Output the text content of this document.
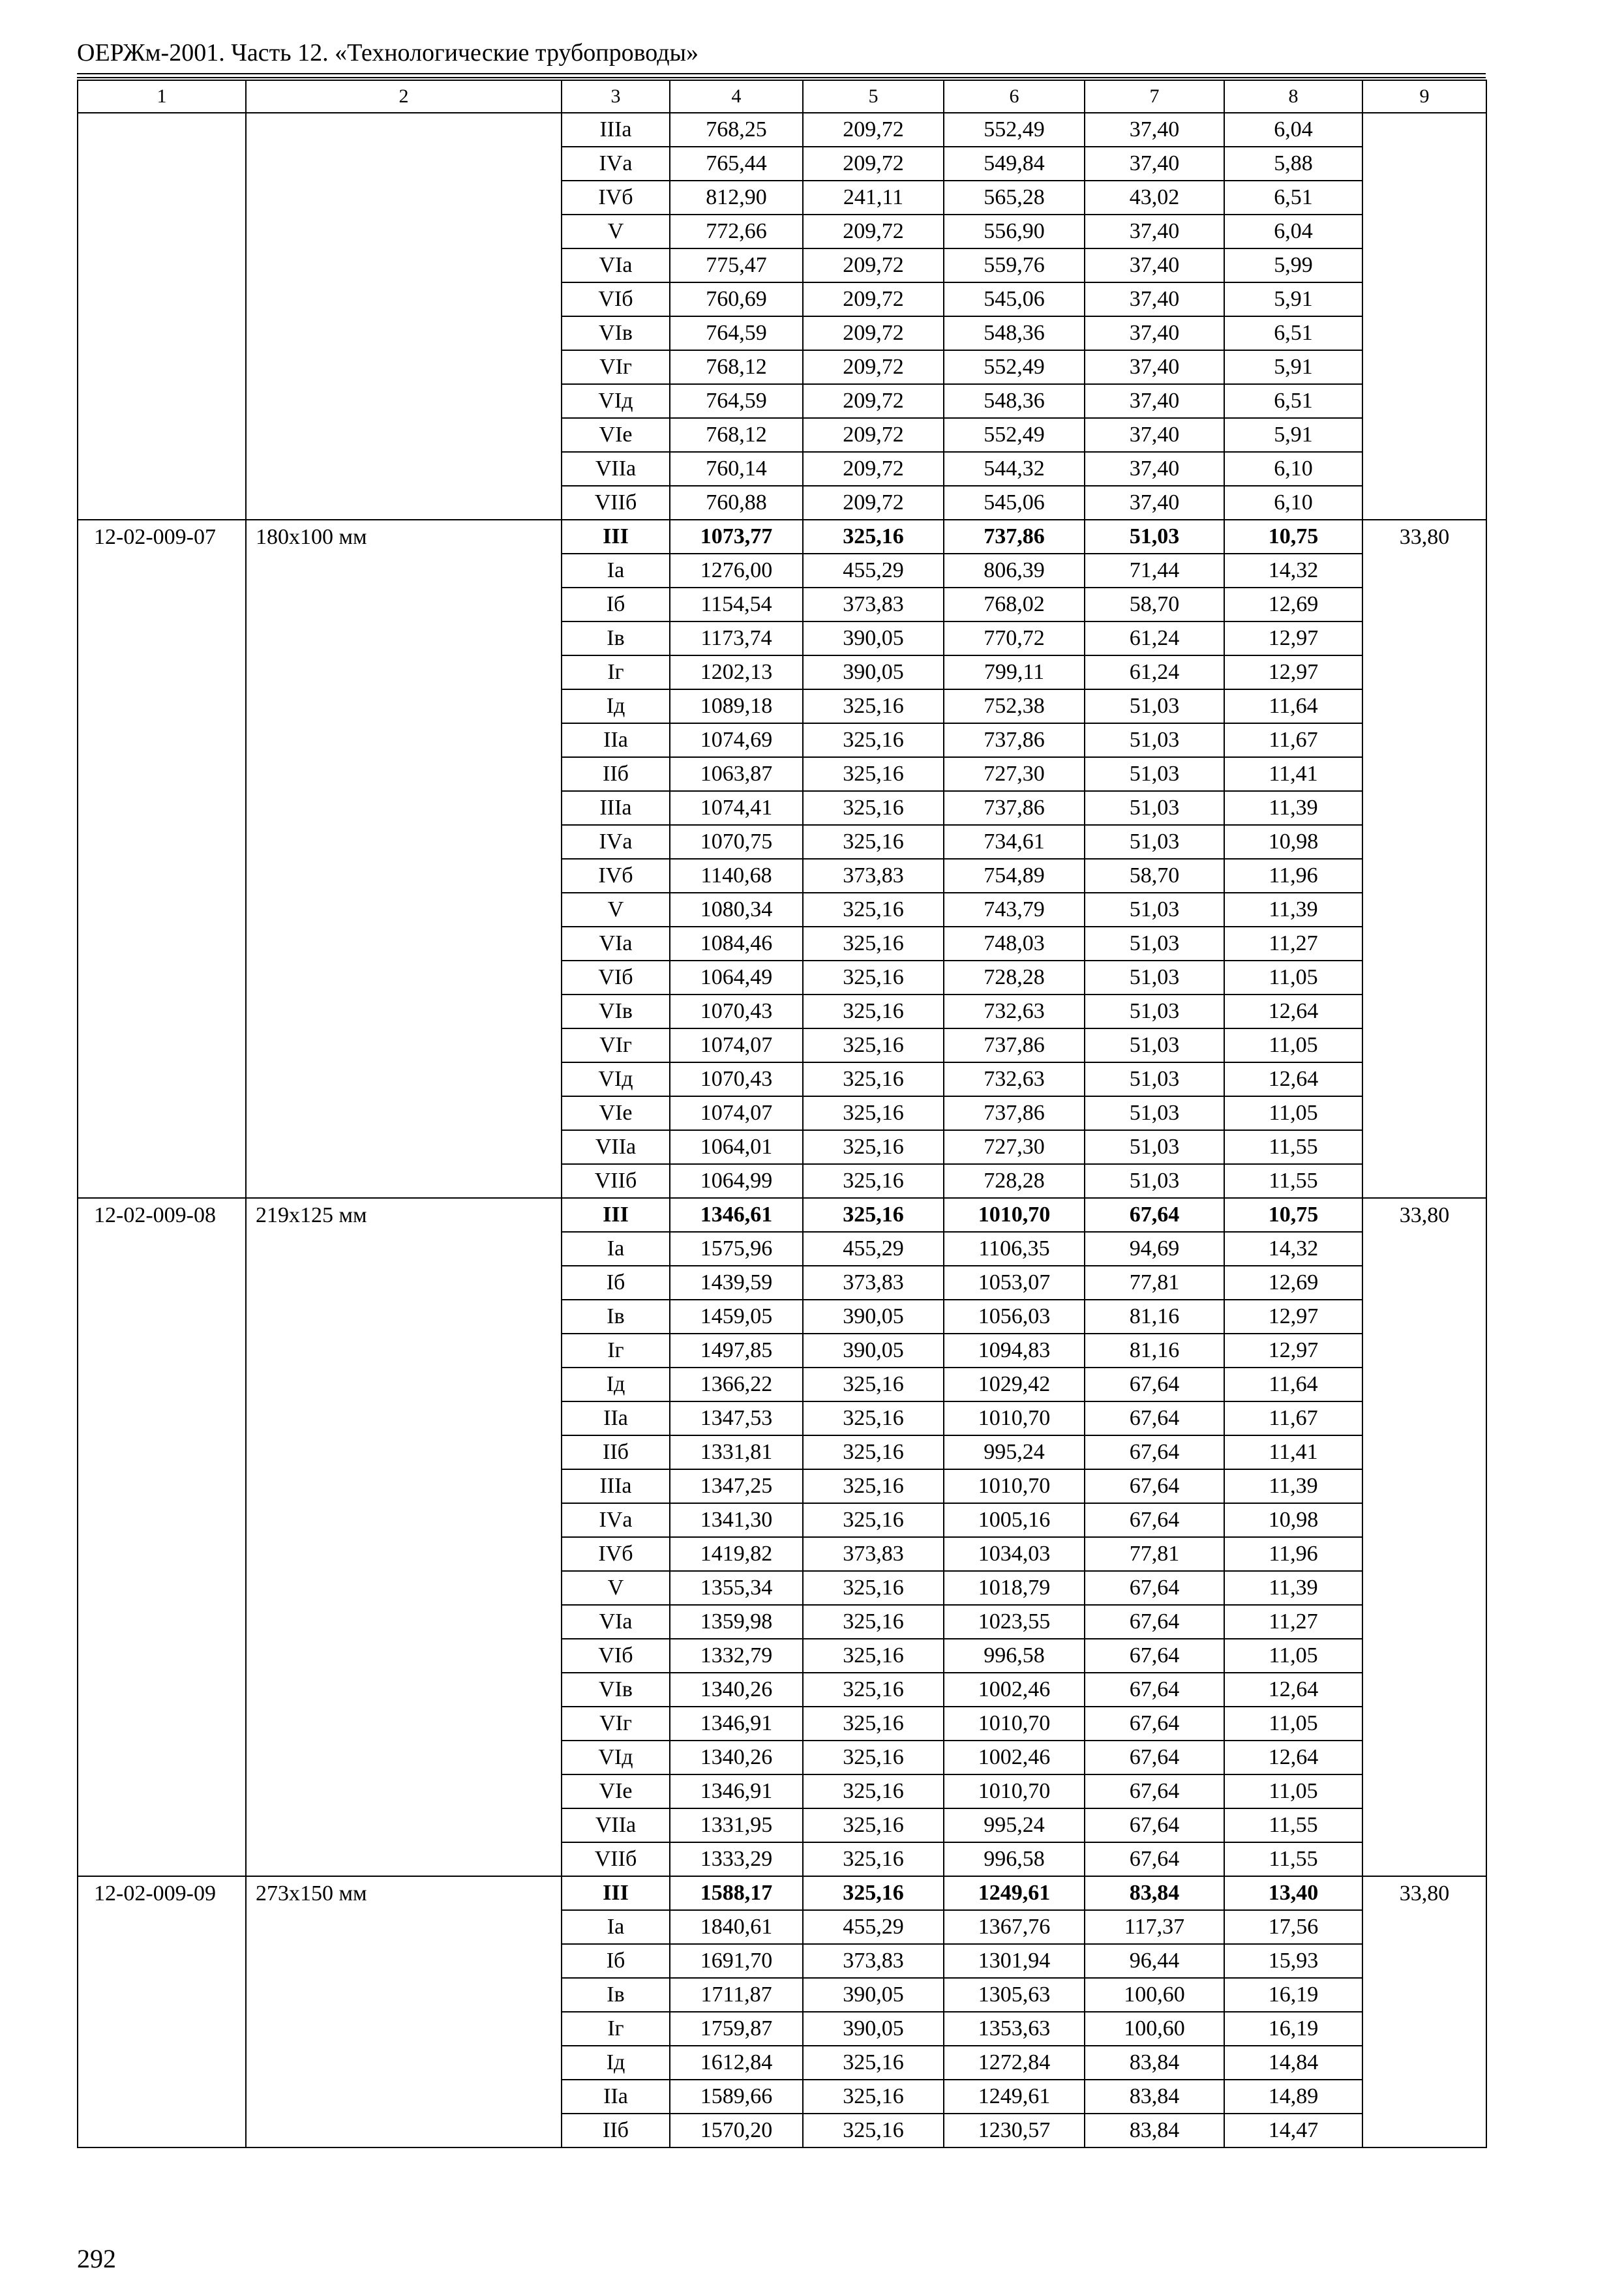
ОЕРЖм-2001. Часть 12. «Технологические трубопроводы»
1	2	3	4	5	6	7	8	9
		IIIа	768,25	209,72	552,49	37,40	6,04	
		IVа	765,44	209,72	549,84	37,40	5,88	
		IVб	812,90	241,11	565,28	43,02	6,51	
		V	772,66	209,72	556,90	37,40	6,04	
		VIа	775,47	209,72	559,76	37,40	5,99	
		VIб	760,69	209,72	545,06	37,40	5,91	
		VIв	764,59	209,72	548,36	37,40	6,51	
		VIг	768,12	209,72	552,49	37,40	5,91	
		VIд	764,59	209,72	548,36	37,40	6,51	
		VIе	768,12	209,72	552,49	37,40	5,91	
		VIIа	760,14	209,72	544,32	37,40	6,10	
		VIIб	760,88	209,72	545,06	37,40	6,10	
12-02-009-07	180х100 мм	III	1073,77	325,16	737,86	51,03	10,75	33,80
		Iа	1276,00	455,29	806,39	71,44	14,32	
		Iб	1154,54	373,83	768,02	58,70	12,69	
		Iв	1173,74	390,05	770,72	61,24	12,97	
		Iг	1202,13	390,05	799,11	61,24	12,97	
		Iд	1089,18	325,16	752,38	51,03	11,64	
		IIа	1074,69	325,16	737,86	51,03	11,67	
		IIб	1063,87	325,16	727,30	51,03	11,41	
		IIIа	1074,41	325,16	737,86	51,03	11,39	
		IVа	1070,75	325,16	734,61	51,03	10,98	
		IVб	1140,68	373,83	754,89	58,70	11,96	
		V	1080,34	325,16	743,79	51,03	11,39	
		VIа	1084,46	325,16	748,03	51,03	11,27	
		VIб	1064,49	325,16	728,28	51,03	11,05	
		VIв	1070,43	325,16	732,63	51,03	12,64	
		VIг	1074,07	325,16	737,86	51,03	11,05	
		VIд	1070,43	325,16	732,63	51,03	12,64	
		VIе	1074,07	325,16	737,86	51,03	11,05	
		VIIа	1064,01	325,16	727,30	51,03	11,55	
		VIIб	1064,99	325,16	728,28	51,03	11,55	
12-02-009-08	219х125 мм	III	1346,61	325,16	1010,70	67,64	10,75	33,80
		Iа	1575,96	455,29	1106,35	94,69	14,32	
		Iб	1439,59	373,83	1053,07	77,81	12,69	
		Iв	1459,05	390,05	1056,03	81,16	12,97	
		Iг	1497,85	390,05	1094,83	81,16	12,97	
		Iд	1366,22	325,16	1029,42	67,64	11,64	
		IIа	1347,53	325,16	1010,70	67,64	11,67	
		IIб	1331,81	325,16	995,24	67,64	11,41	
		IIIа	1347,25	325,16	1010,70	67,64	11,39	
		IVа	1341,30	325,16	1005,16	67,64	10,98	
		IVб	1419,82	373,83	1034,03	77,81	11,96	
		V	1355,34	325,16	1018,79	67,64	11,39	
		VIа	1359,98	325,16	1023,55	67,64	11,27	
		VIб	1332,79	325,16	996,58	67,64	11,05	
		VIв	1340,26	325,16	1002,46	67,64	12,64	
		VIг	1346,91	325,16	1010,70	67,64	11,05	
		VIд	1340,26	325,16	1002,46	67,64	12,64	
		VIе	1346,91	325,16	1010,70	67,64	11,05	
		VIIа	1331,95	325,16	995,24	67,64	11,55	
		VIIб	1333,29	325,16	996,58	67,64	11,55	
12-02-009-09	273х150 мм	III	1588,17	325,16	1249,61	83,84	13,40	33,80
		Iа	1840,61	455,29	1367,76	117,37	17,56	
		Iб	1691,70	373,83	1301,94	96,44	15,93	
		Iв	1711,87	390,05	1305,63	100,60	16,19	
		Iг	1759,87	390,05	1353,63	100,60	16,19	
		Iд	1612,84	325,16	1272,84	83,84	14,84	
		IIа	1589,66	325,16	1249,61	83,84	14,89	
		IIб	1570,20	325,16	1230,57	83,84	14,47	
292
